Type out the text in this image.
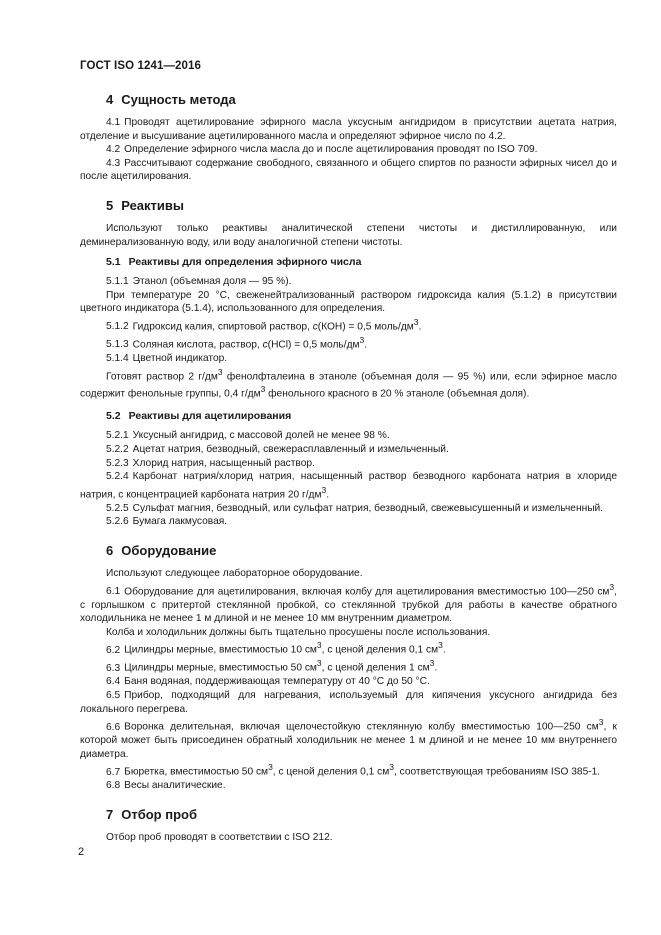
ГОСТ ISO 1241—2016
4 Сущность метода

4.1 Проводят ацетилирование эфирного масла уксусным ангидридом в присутствии ацетата натрия, отделение и высушивание ацетилированного масла и определяют эфирное число по 4.2.

4.2 Определение эфирного числа масла до и после ацетилирования проводят по ISO 709.

4.3 Рассчитывают содержание свободного, связанного и общего спиртов по разности эфирных чисел до и после ацетилирования.

5 Реактивы

Используют только реактивы аналитической степени чистоты и дистиллированную, или деминерализованную воду, или воду аналогичной степени чистоты.

5.1 Реактивы для определения эфирного числа

5.1.1 Этанол (объемная доля — 95 %).

При температуре 20 °С, свеженейтрализованный раствором гидроксида калия (5.1.2) в присутствии цветного индикатора (5.1.4), использованного для определения.

5.1.2 Гидроксид калия, спиртовой раствор, c(КОН) = 0,5 моль/$дм^3$.

5.1.3 Соляная кислота, раствор, c(HCl) = 0,5 моль/$дм^3$.

5.1.4 Цветной индикатор.

Готовят раствор 2 $г/дм^3$ фенолфталеина в этаноле (объемная доля — 95 %) или, если эфирное масло содержит фенольные группы, 0,4 $г/дм^3$ фенольного красного в 20 % этаноле (объемная доля).

5.2 Реактивы для ацетилирования

5.2.1 Уксусный ангидрид, с массовой долей не менее 98 %.

5.2.2 Ацетат натрия, безводный, свежерасплавленный и измельченный.

5.2.3 Хлорид натрия, насыщенный раствор.

5.2.4 Карбонат натрия/хлорид натрия, насыщенный раствор безводного карбоната натрия в хлориде натрия, с концентрацией карбоната натрия 20 $г/дм^3$.

5.2.5 Сульфат магния, безводный, или сульфат натрия, безводный, свежевысушенный и измельченный.

5.2.6 Бумага лакмусовая.

6 Оборудование

Используют следующее лабораторное оборудование.

6.1 Оборудование для ацетилирования, включая колбу для ацетилирования вместимостью 100—250 $см^3$, с горлышком с притертой стеклянной пробкой, со стеклянной трубкой для работы в качестве обратного холодильника не менее 1 м длиной и не менее 10 мм внутренним диаметром.

Колба и холодильник должны быть тщательно просушены после использования.

6.2 Цилиндры мерные, вместимостью 10 $см^3$, с ценой деления 0,1 $см^3$.

6.3 Цилиндры мерные, вместимостью 50 $см^3$, с ценой деления 1 $см^3$.

6.4 Баня водяная, поддерживающая температуру от 40 °С до 50 °С.

6.5 Прибор, подходящий для нагревания, используемый для кипячения уксусного ангидрида без локального перегрева.

6.6 Воронка делительная, включая щелочестойкую стеклянную колбу вместимостью 100—250 $см^3$, к которой может быть присоединен обратный холодильник не менее 1 м длиной и не менее 10 мм внутреннего диаметра.

6.7 Бюретка, вместимостью 50 $см^3$, с ценой деления 0,1 $см^3$, соответствующая требованиям ISO 385-1.

6.8 Весы аналитические.

7 Отбор проб

Отбор проб проводят в соответствии с ISO 212.

2
